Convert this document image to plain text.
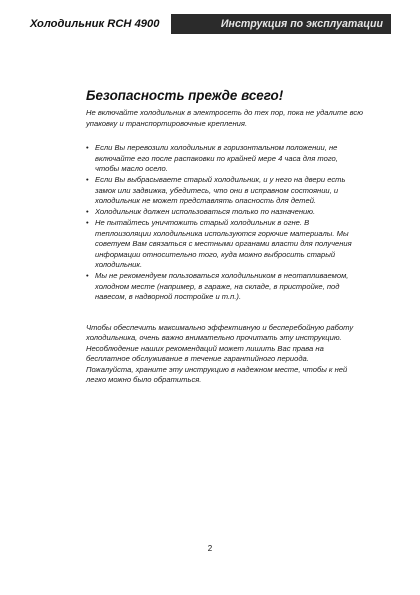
Холодильник RCH 4900	Инструкция по эксплуатации
Безопасность прежде всего!

Не включайте холодильник в электросеть до тех пор, пока не удалите всю упаковку и транспортировочные крепления.

• Если Вы перевозили холодильник в горизонтальном положении, не включайте его после распаковки по крайней мере 4 часа для того, чтобы масло осело.
• Если Вы выбрасываете старый холодильник, и у него на двери есть замок или задвижка, убедитесь, что они в исправном состоянии, и холодильник не может представлять опасность для детей.
• Холодильник должен использоваться только по назначению.
• Не пытайтесь уничтожить старый холодильник в огне. В теплоизоляции холодильника используются горючие материалы. Мы советуем Вам связаться с местными органами власти для получения информации относительно того, куда можно выбросить старый холодильник.
• Мы не рекомендуем пользоваться холодильником в неотапливаемом, холодном месте (например, в гараже, на складе, в пристройке, под навесом, в надворной постройке и т.п.).

Чтобы обеспечить максимально эффективную и бесперебойную работу холодильника, очень важно внимательно прочитать эту инструкцию. Несоблюдение наших рекомендаций может лишить Вас права на бесплатное обслуживание в течение гарантийного периода.

Пожалуйста, храните эту инструкцию в надежном месте, чтобы к ней легко можно было обратиться.

2
